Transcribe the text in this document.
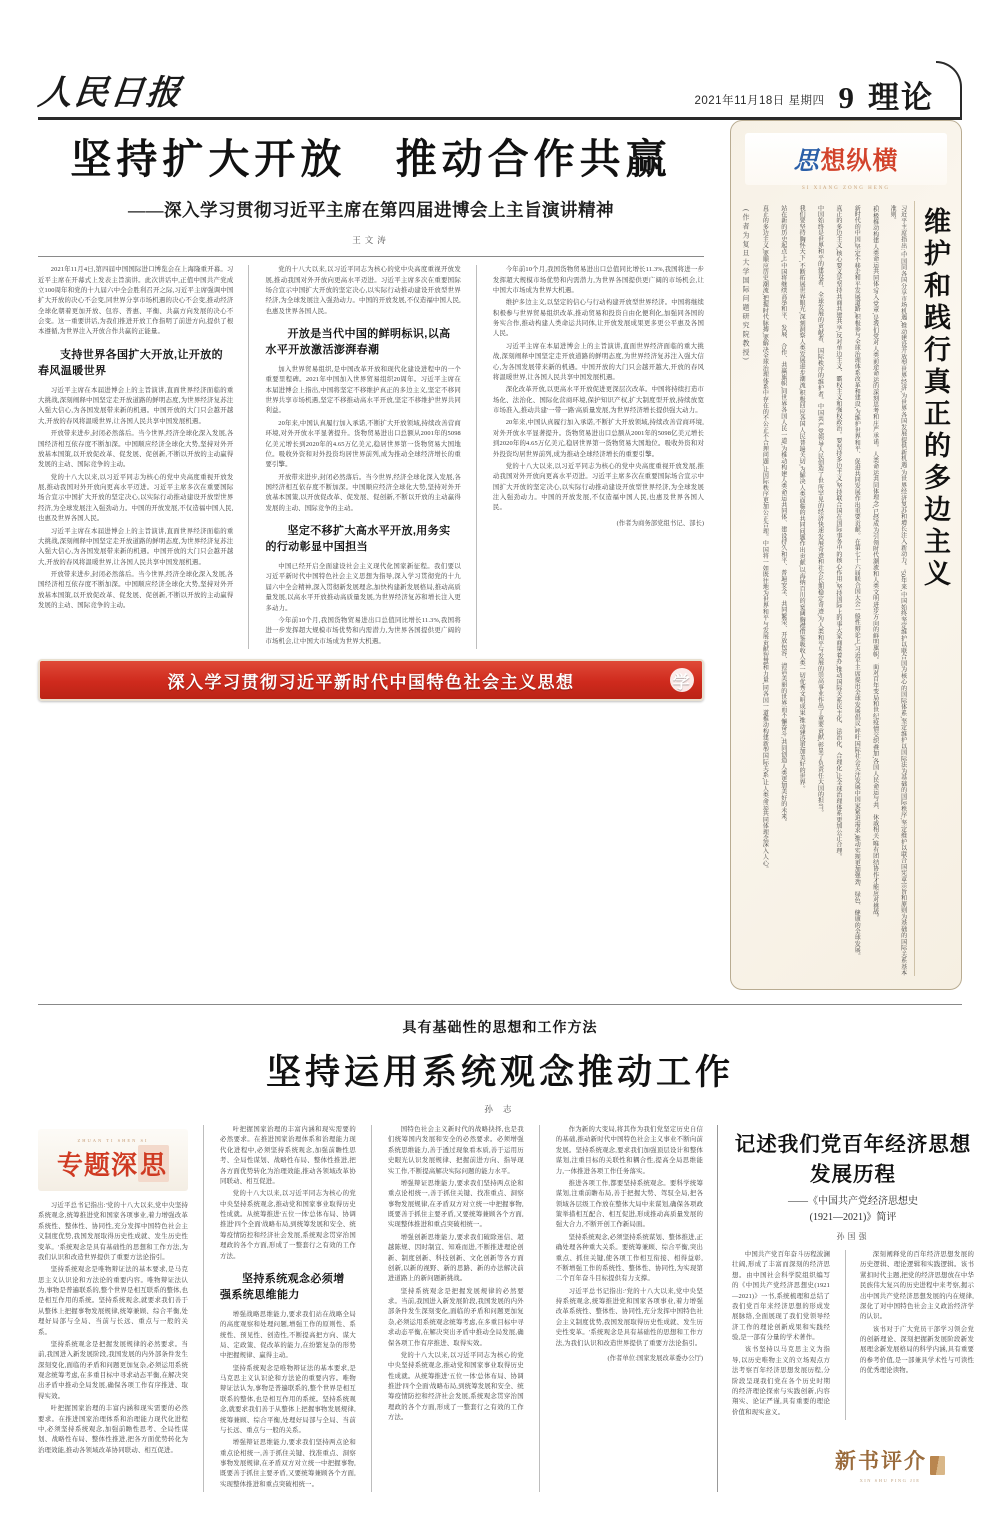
人民日报	2021年11月18日 星期四 9 理论
坚持扩大开放   推动合作共赢
——深入学习贯彻习近平主席在第四届进博会上主旨演讲精神
王文涛

2021年11月4日,第四届中国国际进口博览会在上海隆重开幕。习近平主席在开幕式上发表主旨演讲。此次讲话中,正值中国共产党成立100周年和党的十九届六中全会胜利召开之际,习近平主席强调中国扩大开放的决心不会变,同世界分享市场机遇的决心不会变,推动经济全球化朝着更加开放、包容、普惠、平衡、共赢方向发展的决心不会变。这一重要讲话,为我们推进开放工作指明了前进方向,提供了根本遵循,为世界注入开放合作共赢的正能量。

支持世界各国扩大开放,让开放的春风温暖世界

习近平主席在本届进博会上的主旨演讲,直面世界经济面临的重大挑战,深刻阐释中国坚定走开放道路的鲜明态度,为世界经济复苏注入强大信心,为各国发展带来新的机遇。中国开放的大门只会越开越大,开放的春风将温暖世界,让各国人民共享中国发展机遇。

开放带来进步,封闭必然落后。当今世界,经济全球化深入发展,各国经济相互依存度不断加深。中国顺应经济全球化大势,坚持对外开放基本国策,以开放促改革、促发展、促创新,不断以开放的主动赢得发展的主动、国际竞争的主动。

党的十八大以来,以习近平同志为核心的党中央高度重视开放发展,推动我国对外开放向更高水平迈进。习近平主席多次在重要国际场合宣示中国扩大开放的坚定决心,以实际行动推动建设开放型世界经济,为全球发展注入强劲动力。中国的开放发展,不仅造福中国人民,也惠及世界各国人民。

习近平主席在本届进博会上的主旨演讲,直面世界经济面临的重大挑战,深刻阐释中国坚定走开放道路的鲜明态度,为世界经济复苏注入强大信心,为各国发展带来新的机遇。中国开放的大门只会越开越大,开放的春风将温暖世界,让各国人民共享中国发展机遇。

开放带来进步,封闭必然落后。当今世界,经济全球化深入发展,各国经济相互依存度不断加深。中国顺应经济全球化大势,坚持对外开放基本国策,以开放促改革、促发展、促创新,不断以开放的主动赢得发展的主动、国际竞争的主动。

党的十八大以来,以习近平同志为核心的党中央高度重视开放发展,推动我国对外开放向更高水平迈进。习近平主席多次在重要国际场合宣示中国扩大开放的坚定决心,以实际行动推动建设开放型世界经济,为全球发展注入强劲动力。中国的开放发展,不仅造福中国人民,也惠及世界各国人民。

开放是当代中国的鲜明标识,以高水平开放激活澎湃春潮

加入世界贸易组织,是中国改革开放和现代化建设进程中的一个重要里程碑。2021年中国加入世界贸易组织20周年。习近平主席在本届进博会上指出,中国将坚定不移维护真正的多边主义,坚定不移同世界共享市场机遇,坚定不移推动高水平开放,坚定不移维护世界共同利益。

20年来,中国认真履行加入承诺,不断扩大开放领域,持续改善营商环境,对外开放水平显著提升。货物贸易进出口总额从2001年的5098亿美元增长到2020年的4.65万亿美元,稳居世界第一货物贸易大国地位。吸收外资和对外投资均居世界前列,成为推动全球经济增长的重要引擎。

开放带来进步,封闭必然落后。当今世界,经济全球化深入发展,各国经济相互依存度不断加深。中国顺应经济全球化大势,坚持对外开放基本国策,以开放促改革、促发展、促创新,不断以开放的主动赢得发展的主动、国际竞争的主动。

坚定不移扩大高水平开放,用务实的行动彰显中国担当

中国已经开启全面建设社会主义现代化国家新征程。我们要以习近平新时代中国特色社会主义思想为指导,深入学习贯彻党的十九届六中全会精神,深入贯彻新发展理念,加快构建新发展格局,推动高质量发展,以高水平开放推动高质量发展,为世界经济复苏和增长注入更多动力。

今年前10个月,我国货物贸易进出口总值同比增长11.3%,我国将进一步发挥超大规模市场优势和内需潜力,为世界各国提供更广阔的市场机会,让中国大市场成为世界大机遇。

今年前10个月,我国货物贸易进出口总值同比增长11.3%,我国将进一步发挥超大规模市场优势和内需潜力,为世界各国提供更广阔的市场机会,让中国大市场成为世界大机遇。

维护多边主义,以坚定的信心与行动构建开放型世界经济。中国将继续积极参与世界贸易组织改革,推动贸易和投资自由化便利化,加强同各国的务实合作,推动构建人类命运共同体,让开放发展成果更多更公平惠及各国人民。

习近平主席在本届进博会上的主旨演讲,直面世界经济面临的重大挑战,深刻阐释中国坚定走开放道路的鲜明态度,为世界经济复苏注入强大信心,为各国发展带来新的机遇。中国开放的大门只会越开越大,开放的春风将温暖世界,让各国人民共享中国发展机遇。

深化改革开放,以更高水平开放促进更深层次改革。中国将持续打造市场化、法治化、国际化营商环境,保护知识产权,扩大制度型开放,持续放宽市场准入,推动共建'一带一路'高质量发展,为世界经济增长提供强大动力。

20年来,中国认真履行加入承诺,不断扩大开放领域,持续改善营商环境,对外开放水平显著提升。货物贸易进出口总额从2001年的5098亿美元增长到2020年的4.65万亿美元,稳居世界第一货物贸易大国地位。吸收外资和对外投资均居世界前列,成为推动全球经济增长的重要引擎。

党的十八大以来,以习近平同志为核心的党中央高度重视开放发展,推动我国对外开放向更高水平迈进。习近平主席多次在重要国际场合宣示中国扩大开放的坚定决心,以实际行动推动建设开放型世界经济,为全球发展注入强劲动力。中国的开放发展,不仅造福中国人民,也惠及世界各国人民。

(作者为商务部党组书记、部长)
深入学习贯彻习近平新时代中国特色社会主义思想	学
思 想纵横
SI XIANG ZONG HENG
维护和践行真正的多边主义
习近平主席指出:'中国同各国分享市场机遇,推动建设开放型世界经济,为世界各国发展提供新机遇,为世界经济复苏和增长注入新动力。'50年来,中国始终坚定维护以联合国为核心的国际体系,坚定维护以国际法为基础的国际秩序,坚定维护以联合国宪章宗旨和原则为基础的国际关系基本准则。
'积极推动构建人类命运共同体'写入党章,是我们党对人类前途命运的深刻思考和庄严承诺。人类命运共同体理念,已经成为引领时代潮流和人类文明进步方向的鲜明旗帜。面对百年变局和世纪疫情交织叠加,各国人民命运与共、休戚相关,唯有团结协作才能应对挑战。
新时代的中国,坚定不移走和平发展道路,积极参与全球治理体系改革和建设,为维护世界和平、促进共同发展作出重要贡献。在第七十六届联合国大会一般性辩论上,习近平主席提出全球发展倡议,呼吁国际社会关注发展中国家紧迫需求,推动实现更加强劲、绿色、健康的全球发展。
真正的多边主义,核心要义是坚持共商共建共享,反对单边主义、霸权主义和强权政治。要坚持多边主义,坚持联合国在国际事务中的核心作用,坚持国际上的事大家商量着办,推动国际关系民主化、法治化、合理化,让全球治理体系更加公正合理。
中国始终是世界和平的建设者、全球发展的贡献者、国际秩序的维护者。中国共产党领导人民创造了世所罕见的经济快速发展奇迹和社会长期稳定奇迹,为人类和平与发展的崇高事业作出了重要贡献,彰显了负责任大国的担当。
我们要坚持胸怀天下,不断拓展世界眼光,深刻洞察人类发展进步潮流,积极回应各国人民普遍关切,为解决人类面临的共同问题作出贡献,以海纳百川的宽阔胸襟借鉴吸收人类一切优秀文明成果,推动建设更加美好的世界。
站在新的历史起点上,中国将继续高举和平、发展、合作、共赢旗帜,同世界各国人民一道,为推动构建人类命运共同体、建设持久和平、普遍安全、共同繁荣、开放包容、清洁美丽的世界而不懈奋斗,共同创造人类更加美好的未来。
真正的多边主义,要顺应历史潮流,把握时代脉搏,要解决全球治理体系中存在的不公正不合理问题,让国际秩序更加公正合理。中国将一如既往地为世界和平与发展贡献智慧和力量,同各国一道推动构建新型国际关系,让人类命运共同体理念深入人心。
(作者为复旦大学国际问题研究院教授)
具有基础性的思想和工作方法
坚持运用系统观念推动工作
孙 志
ZHUAN TI SHEN SI
专题深 思

习近平总书记指出:'党的十八大以来,党中央坚持系统观念,统筹推进党和国家各项事业,着力增强改革系统性、整体性、协同性,充分发挥中国特色社会主义制度优势,我国发展取得历史性成就、发生历史性变革。'系统观念是具有基础性的思想和工作方法,为我们认识和改造世界提供了重要方法论指引。

坚持系统观念是唯物辩证法的基本要求,是马克思主义认识论和方法论的重要内容。唯物辩证法认为,事物是普遍联系的,整个世界是相互联系的整体,也是相互作用的系统。坚持系统观念,就要求我们善于从整体上把握事物发展规律,统筹兼顾、综合平衡,处理好局部与全局、当前与长远、重点与一般的关系。

坚持系统观念是把握发展规律的必然要求。当前,我国进入新发展阶段,我国发展的内外部条件发生深刻变化,面临的矛盾和问题更加复杂,必须运用系统观念统筹考虑,在多重目标中寻求动态平衡,在解决突出矛盾中推动全局发展,确保各项工作有序推进、取得实效。

叶把握国家治理的丰富内涵和现实需要的必然要求。在推进国家治理体系和治理能力现代化进程中,必须坚持系统观念,加强前瞻性思考、全局性谋划、战略性布局、整体性推进,把各方面优势转化为治理效能,推动各领域改革协同联动、相互促进。

叶把握国家治理的丰富内涵和现实需要的必然要求。在推进国家治理体系和治理能力现代化进程中,必须坚持系统观念,加强前瞻性思考、全局性谋划、战略性布局、整体性推进,把各方面优势转化为治理效能,推动各领域改革协同联动、相互促进。

党的十八大以来,以习近平同志为核心的党中央坚持系统观念,推动党和国家事业取得历史性成就。从统筹推进'五位一体'总体布局、协调推进'四个全面'战略布局,到统筹发展和安全、统筹疫情防控和经济社会发展,系统观念贯穿治国理政的各个方面,形成了一整套行之有效的工作方法。

坚持系统观念必须增强系统思维能力

增强战略思维能力,要求我们站在战略全局的高度观察和处理问题,增强工作的原则性、系统性、预见性、创造性,不断提高把方向、谋大局、定政策、促改革的能力,在纷繁复杂的形势中把握规律、赢得主动。

坚持系统观念是唯物辩证法的基本要求,是马克思主义认识论和方法论的重要内容。唯物辩证法认为,事物是普遍联系的,整个世界是相互联系的整体,也是相互作用的系统。坚持系统观念,就要求我们善于从整体上把握事物发展规律,统筹兼顾、综合平衡,处理好局部与全局、当前与长远、重点与一般的关系。

增强辩证思维能力,要求我们坚持两点论和重点论相统一,善于抓住关键、找准重点、洞察事物发展规律,在矛盾双方对立统一中把握事物,既要善于抓住主要矛盾,又要统筹兼顾各个方面,实现整体推进和重点突破相统一。

国特色社会主义新时代的战略抉择,也是我们统筹国内发展和安全的必然要求。必须增强系统思维能力,善于透过现象看本质,善于运用历史眼光认识发展规律、把握前进方向、指导现实工作,不断提高解决实际问题的能力水平。

增强辩证思维能力,要求我们坚持两点论和重点论相统一,善于抓住关键、找准重点、洞察事物发展规律,在矛盾双方对立统一中把握事物,既要善于抓住主要矛盾,又要统筹兼顾各个方面,实现整体推进和重点突破相统一。

增强创新思维能力,要求我们破除迷信、超越陈规、因时制宜、知难而进,不断推进理论创新、制度创新、科技创新、文化创新等各方面创新,以新的视野、新的思路、新的办法解决前进道路上的新问题新挑战。

坚持系统观念是把握发展规律的必然要求。当前,我国进入新发展阶段,我国发展的内外部条件发生深刻变化,面临的矛盾和问题更加复杂,必须运用系统观念统筹考虑,在多重目标中寻求动态平衡,在解决突出矛盾中推动全局发展,确保各项工作有序推进、取得实效。

党的十八大以来,以习近平同志为核心的党中央坚持系统观念,推动党和国家事业取得历史性成就。从统筹推进'五位一体'总体布局、协调推进'四个全面'战略布局,到统筹发展和安全、统筹疫情防控和经济社会发展,系统观念贯穿治国理政的各个方面,形成了一整套行之有效的工作方法。

作为新的大变局,将其作为我们党坚定历史自信的基础,推动新时代中国特色社会主义事业不断向前发展。坚持系统观念,要求我们加强顶层设计和整体谋划,注重目标的关联性和耦合性,提高全局思维能力,一体推进各项工作任务落实。

推进各项工作,都要坚持系统观念。要科学统筹谋划,注重前瞻布局,善于把握大势、驾驭全局,把各领域各层级工作放在整体大局中来谋划,确保各项政策举措相互配合、相互促进,形成推动高质量发展的强大合力,不断开创工作新局面。

坚持系统观念,必须坚持系统谋划、整体推进,正确处理各种重大关系。要统筹兼顾、综合平衡,突出重点、抓住关键,使各项工作相互衔接、相得益彰,不断增强工作的系统性、整体性、协同性,为实现第二个百年奋斗目标提供有力支撑。

习近平总书记指出:'党的十八大以来,党中央坚持系统观念,统筹推进党和国家各项事业,着力增强改革系统性、整体性、协同性,充分发挥中国特色社会主义制度优势,我国发展取得历史性成就、发生历史性变革。'系统观念是具有基础性的思想和工作方法,为我们认识和改造世界提供了重要方法论指引。

(作者单位:国家发展改革委办公厅)
记述我们党百年经济思想发展历程
——《中国共产党经济思想史
(1921—2021)》简评
孙国强

中国共产党百年奋斗历程波澜壮阔,形成了丰富而深刻的经济思想。由中国社会科学院组织编写的《中国共产党经济思想史(1921—2021)》一书,系统梳理和总结了我们党百年来经济思想的形成发展脉络,全面展现了我们党领导经济工作的理论创新成果和实践经验,是一部有分量的学术著作。

该书坚持以马克思主义为指导,以历史唯物主义的立场观点方法考察百年经济思想发展历程,分阶段呈现我们党在各个历史时期的经济理论探索与实践创新,内容翔实、论证严谨,具有重要的理论价值和现实意义。

深刻阐释党的百年经济思想发展的历史逻辑、理论逻辑和实践逻辑。该书紧扣时代主题,把党的经济思想放在中华民族伟大复兴的历史进程中来考察,揭示出中国共产党经济思想发展的内在规律,深化了对中国特色社会主义政治经济学的认识。

该书对于广大党员干部学习领会党的创新理论、深刻把握新发展阶段新发展理念新发展格局的科学内涵,具有重要的参考价值,是一部兼具学术性与可读性的优秀理论读物。

新书评介
XIN SHU PING JIE
